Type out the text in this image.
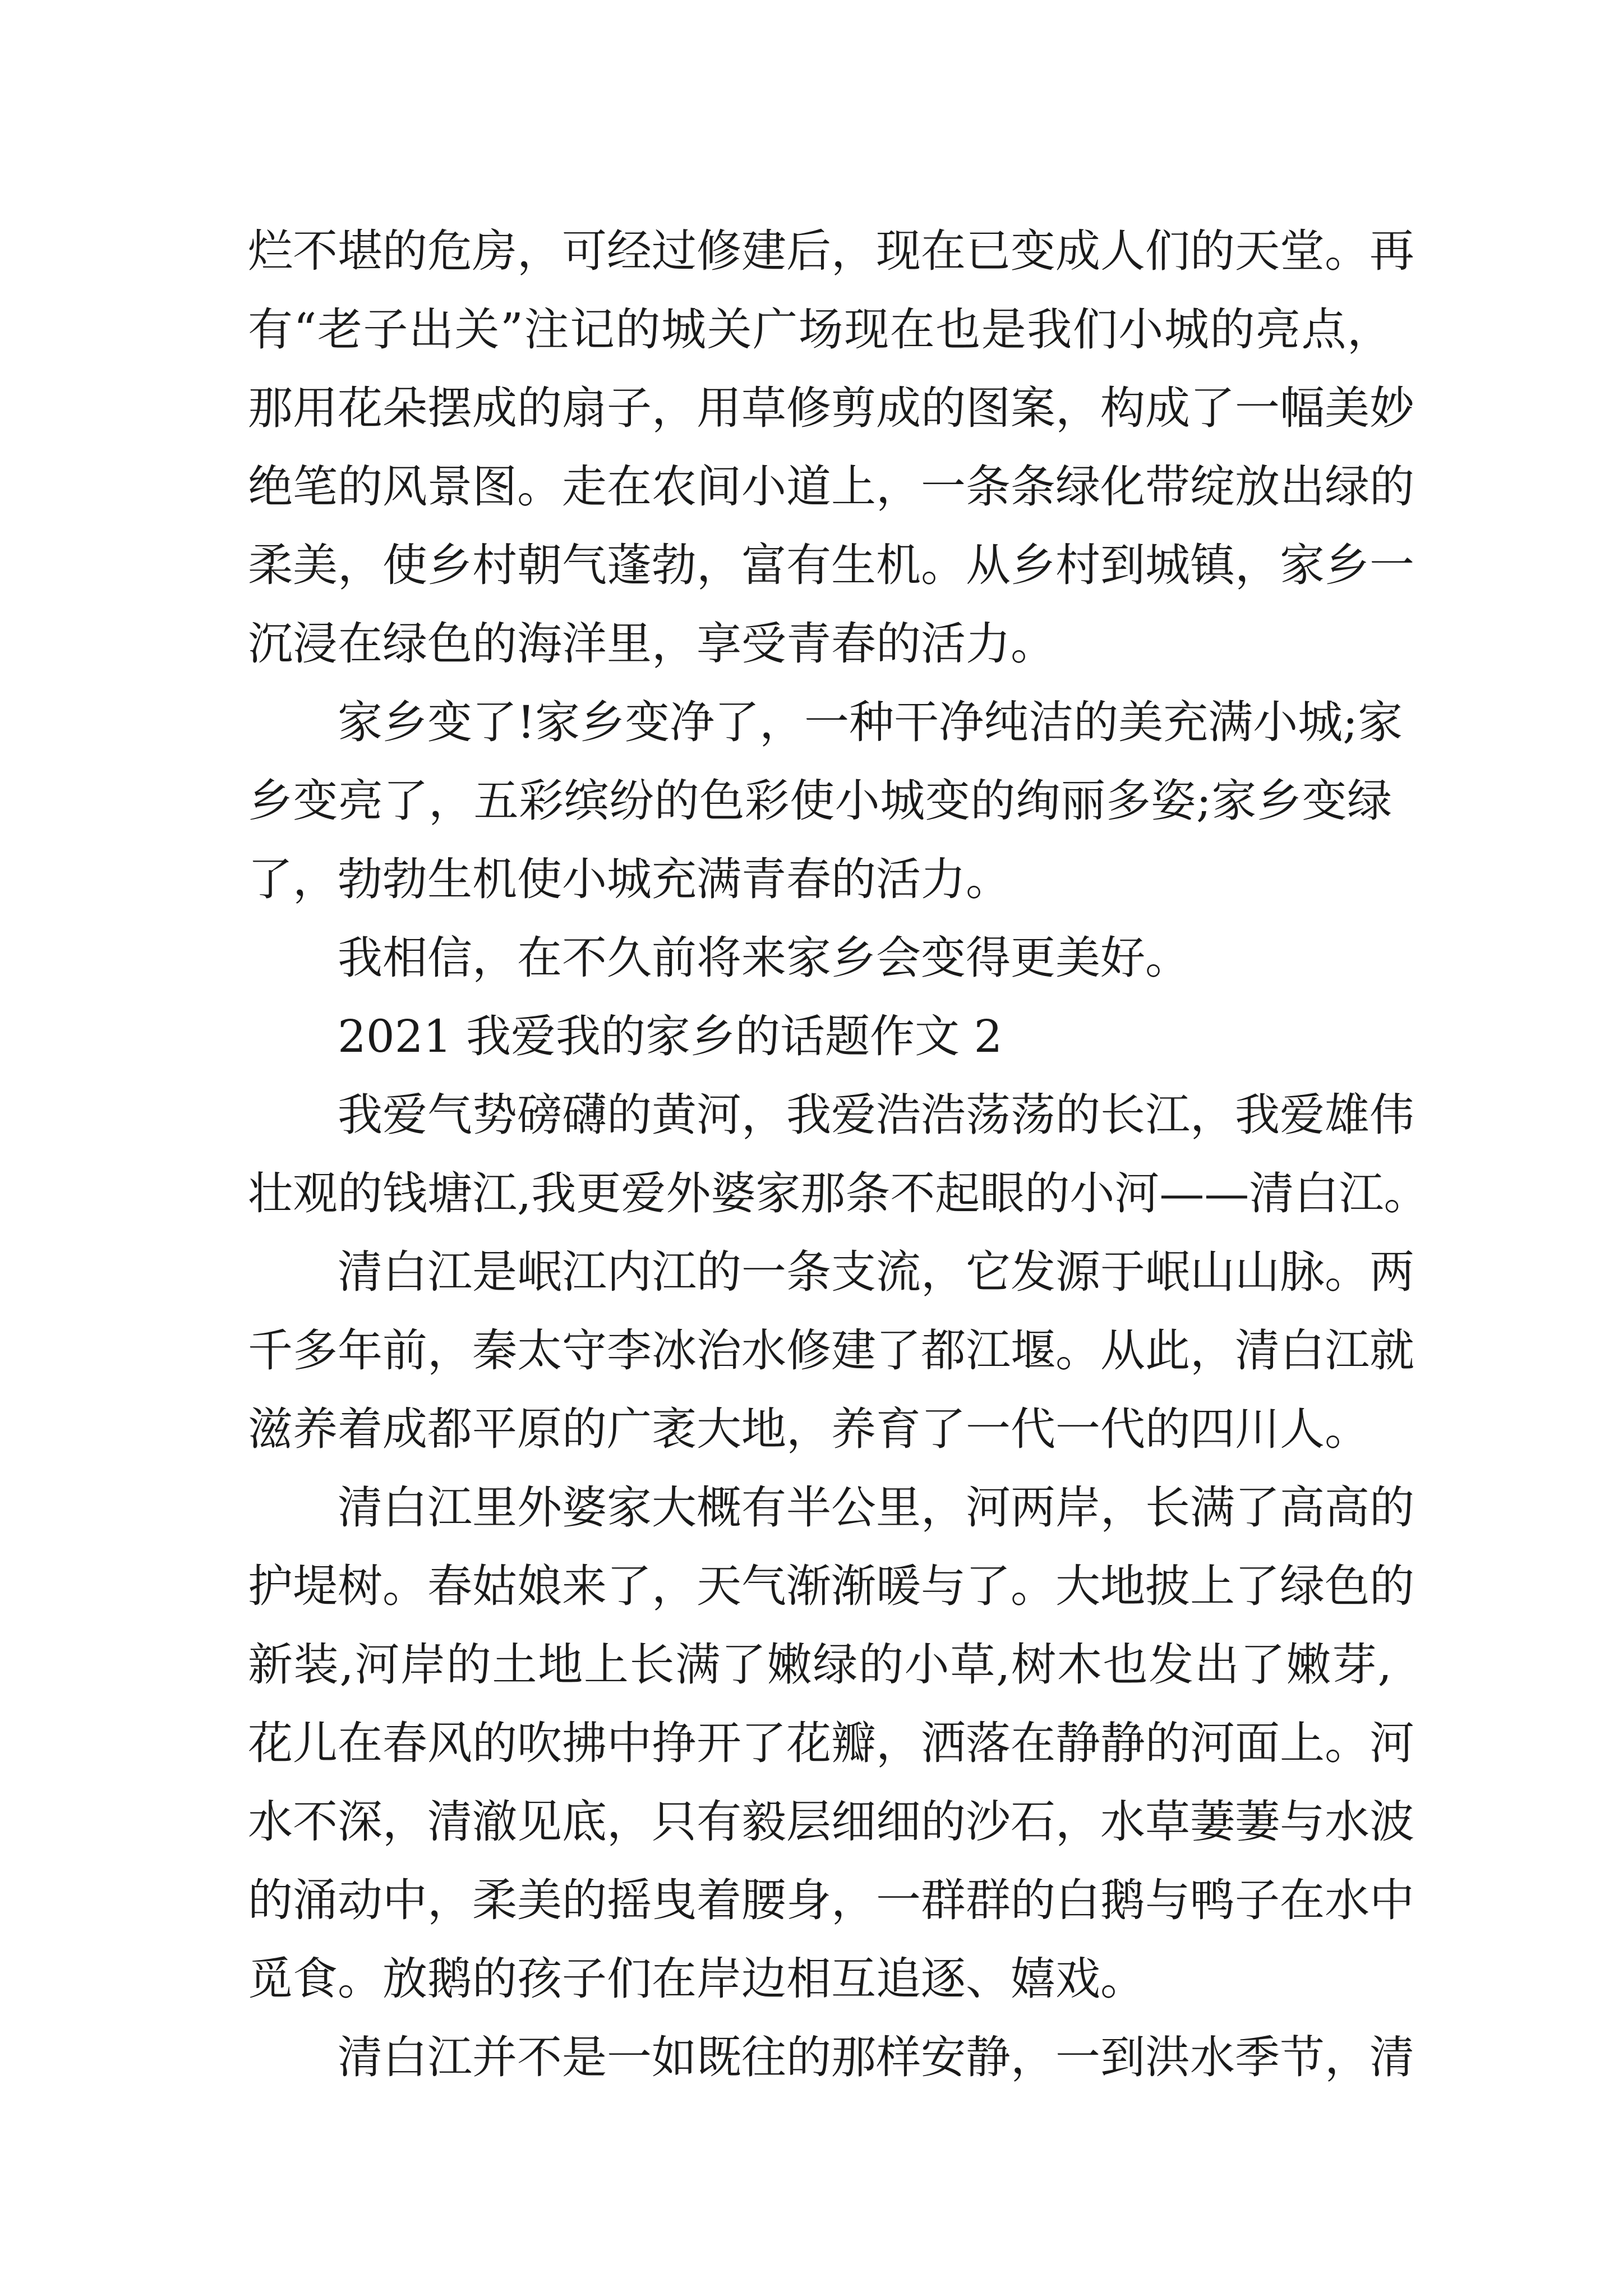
烂不堪的危房，可经过修建后，现在已变成人们的天堂。再
有“老子出关”注记的城关广场现在也是我们小城的亮点，
那用花朵摆成的扇子，用草修剪成的图案，构成了一幅美妙
绝笔的风景图。走在农间小道上，一条条绿化带绽放出绿的
柔美，使乡村朝气蓬勃，富有生机。从乡村到城镇，家乡一
沉浸在绿色的海洋里，享受青春的活力。
家乡变了!家乡变净了，一种干净纯洁的美充满小城;家
乡变亮了，五彩缤纷的色彩使小城变的绚丽多姿;家乡变绿
了，勃勃生机使小城充满青春的活力。
我相信，在不久前将来家乡会变得更美好。
2021 我爱我的家乡的话题作文 2
我爱气势磅礴的黄河，我爱浩浩荡荡的长江，我爱雄伟
壮观的钱塘江,我更爱外婆家那条不起眼的小河——清白江。
清白江是岷江内江的一条支流，它发源于岷山山脉。两
千多年前，秦太守李冰治水修建了都江堰。从此，清白江就
滋养着成都平原的广袤大地，养育了一代一代的四川人。
清白江里外婆家大概有半公里，河两岸，长满了高高的
护堤树。春姑娘来了，天气渐渐暖与了。大地披上了绿色的
新装,河岸的土地上长满了嫩绿的小草,树木也发出了嫩芽,
花儿在春风的吹拂中挣开了花瓣，洒落在静静的河面上。河
水不深，清澈见底，只有毅层细细的沙石，水草萋萋与水波
的涌动中，柔美的摇曳着腰身，一群群的白鹅与鸭子在水中
觅食。放鹅的孩子们在岸边相互追逐、嬉戏。
清白江并不是一如既往的那样安静，一到洪水季节，清
